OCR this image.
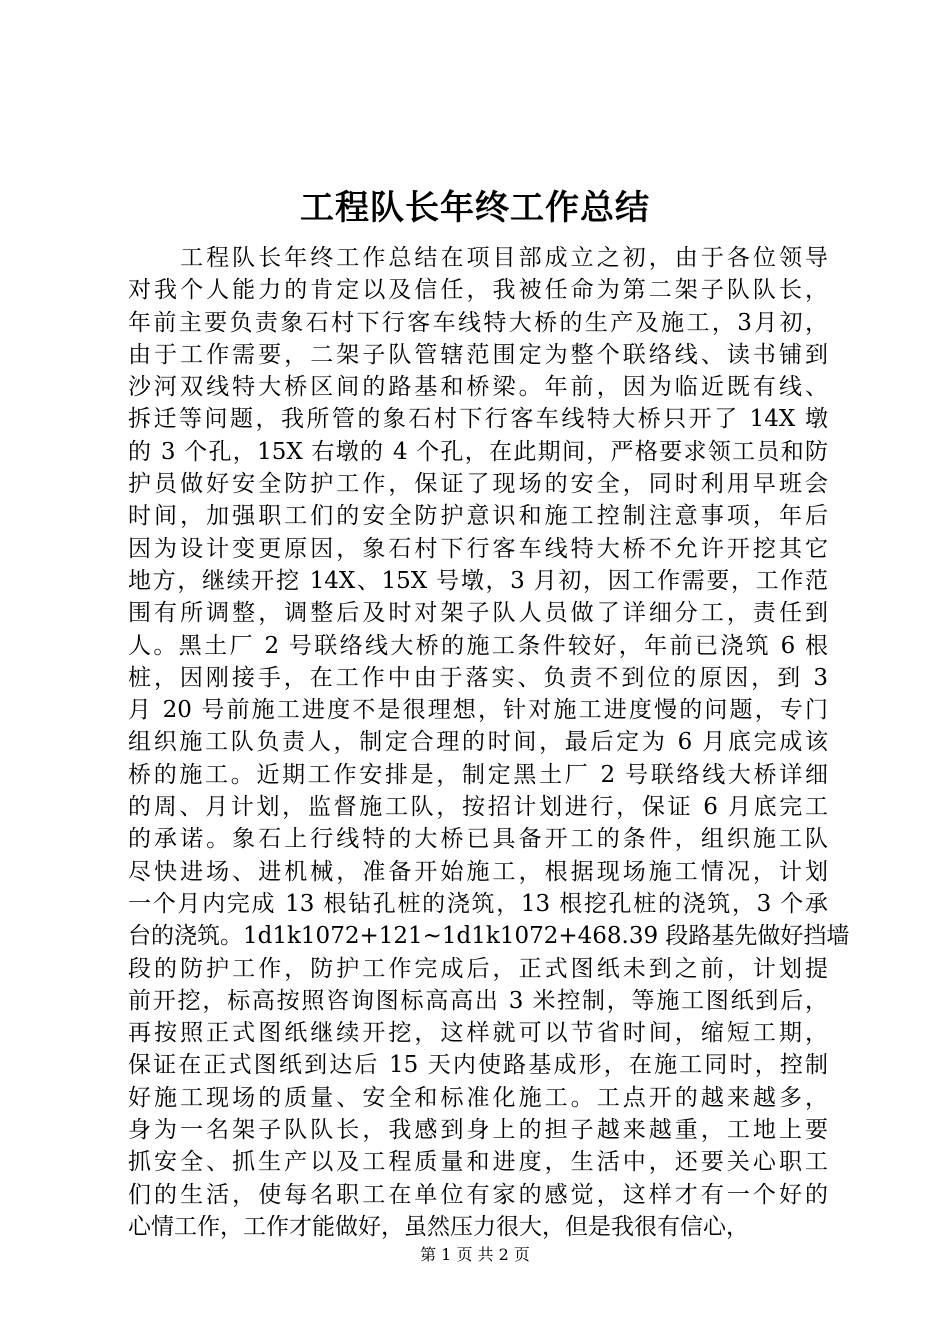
工程队长年终工作总结
　　工程队长年终工作总结在项目部成立之初，由于各位领导
对我个人能力的肯定以及信任，我被任命为第二架子队队长，
年前主要负责象石村下行客车线特大桥的生产及施工，3月初，
由于工作需要，二架子队管辖范围定为整个联络线、读书铺到
沙河双线特大桥区间的路基和桥梁。年前，因为临近既有线、
拆迁等问题，我所管的象石村下行客车线特大桥只开了 14X 墩
的 3 个孔，15X 右墩的 4 个孔，在此期间，严格要求领工员和防
护员做好安全防护工作，保证了现场的安全，同时利用早班会
时间，加强职工们的安全防护意识和施工控制注意事项，年后
因为设计变更原因，象石村下行客车线特大桥不允许开挖其它
地方，继续开挖 14X、15X 号墩，3 月初，因工作需要，工作范
围有所调整，调整后及时对架子队人员做了详细分工，责任到
人。黑土厂 2 号联络线大桥的施工条件较好，年前已浇筑 6 根
桩，因刚接手，在工作中由于落实、负责不到位的原因，到 3
月 20 号前施工进度不是很理想，针对施工进度慢的问题，专门
组织施工队负责人，制定合理的时间，最后定为 6 月底完成该
桥的施工。近期工作安排是，制定黑土厂 2 号联络线大桥详细
的周、月计划，监督施工队，按招计划进行，保证 6 月底完工
的承诺。象石上行线特的大桥已具备开工的条件，组织施工队
尽快进场、进机械，准备开始施工，根据现场施工情况，计划
一个月内完成 13 根钻孔桩的浇筑，13 根挖孔桩的浇筑，3 个承
台的浇筑。1d1k1072+121~1d1k1072+468.39 段路基先做好挡墙
段的防护工作，防护工作完成后，正式图纸未到之前，计划提
前开挖，标高按照咨询图标高高出 3 米控制，等施工图纸到后，
再按照正式图纸继续开挖，这样就可以节省时间，缩短工期，
保证在正式图纸到达后 15 天内使路基成形，在施工同时，控制
好施工现场的质量、安全和标准化施工。工点开的越来越多，
身为一名架子队队长，我感到身上的担子越来越重，工地上要
抓安全、抓生产以及工程质量和进度，生活中，还要关心职工
们的生活，使每名职工在单位有家的感觉，这样才有一个好的
心情工作，工作才能做好，虽然压力很大，但是我很有信心，
第 1 页 共 2 页
